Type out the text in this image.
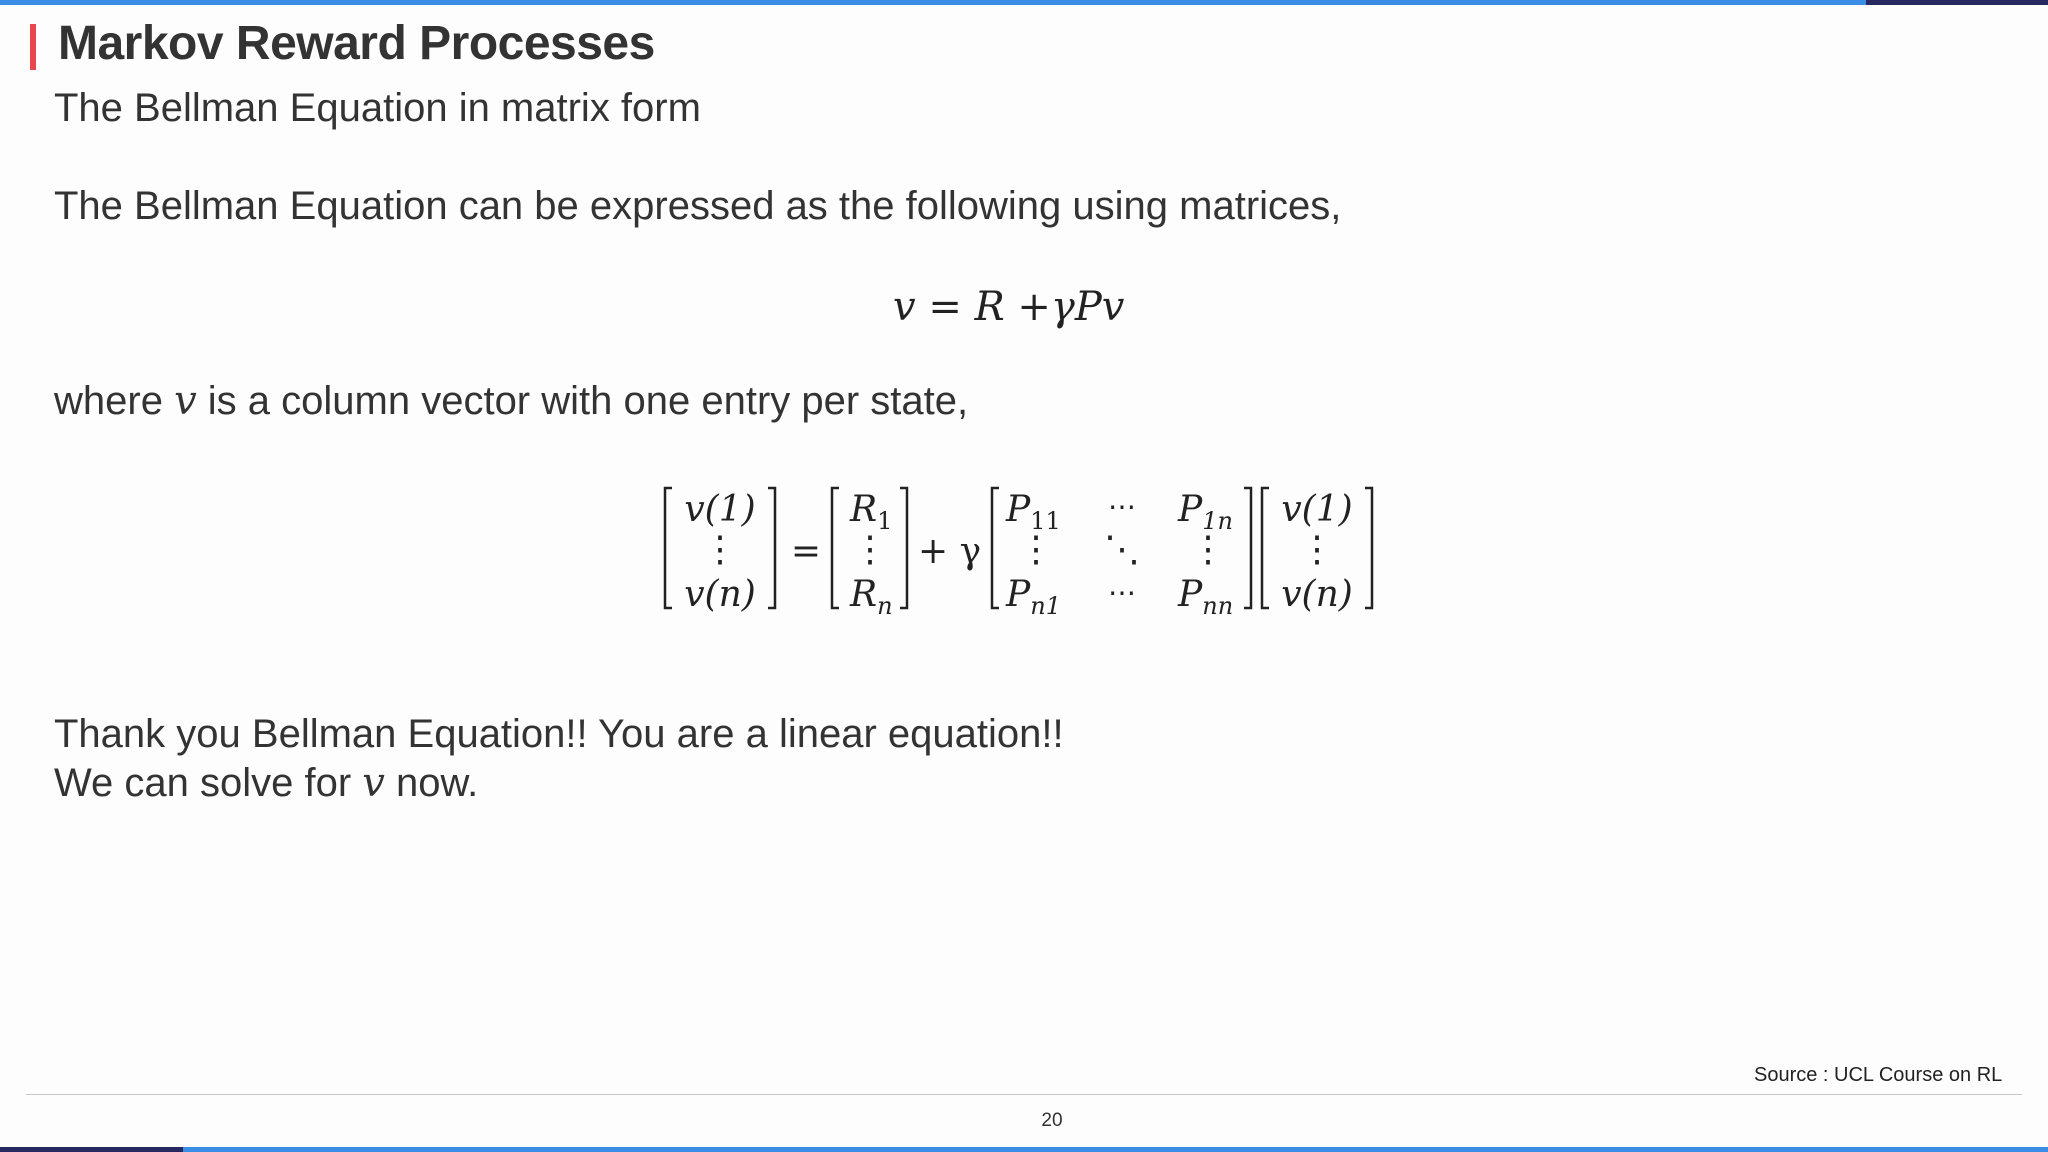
Markov Reward Processes
The Bellman Equation in matrix form
The Bellman Equation can be expressed as the following using matrices,
v = R +γPv
where v is a column vector with one entry per state,
v(1)
⋮
v(n)
=
$R_1$
⋮
$R_n$
+ γ
$P_{11}$ ⋯ $P_{1n}$
⋮ ⋱ ⋮
$P_{n1}$ ⋯ $P_{nn}$
v(1)
⋮
v(n)
Thank you Bellman Equation!! You are a linear equation!!
We can solve for v now.
Source : UCL Course on RL
20
